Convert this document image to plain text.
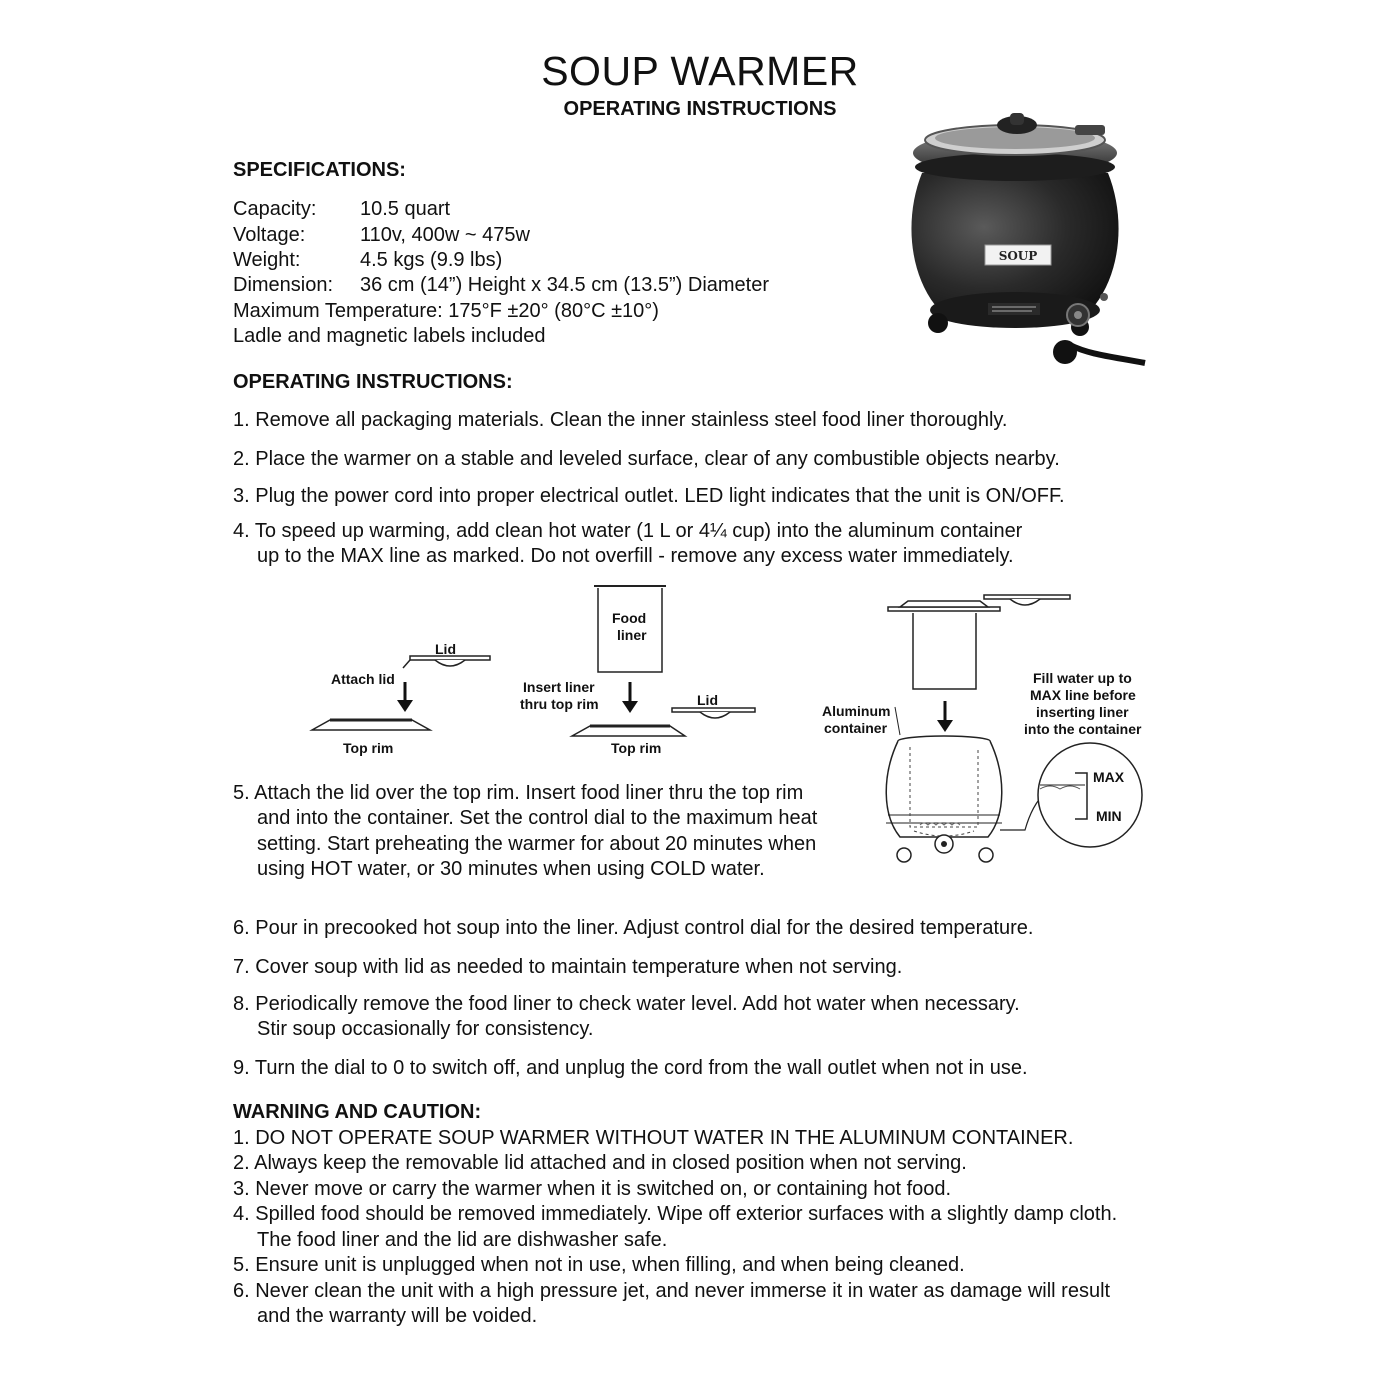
SOUP WARMER
OPERATING INSTRUCTIONS
SPECIFICATIONS:
Capacity: 10.5 quart
Voltage:	110v, 400w ~ 475w
Weight:	4.5 kgs (9.9 lbs)
Dimension: 36 cm (14”) Height x 34.5 cm (13.5”) Diameter
Maximum Temperature: 175°F ±20° (80°C ±10°)
Ladle and magnetic labels included
SOUP
OPERATING INSTRUCTIONS:
1. Remove all packaging materials. Clean the inner stainless steel food liner thoroughly.
2. Place the warmer on a stable and leveled surface, clear of any combustible objects nearby.
3. Plug the power cord into proper electrical outlet. LED light indicates that the unit is ON/OFF.
4. To speed up warming, add clean hot water (1 L or 4¼ cup) into the aluminum container
up to the MAX line as marked. Do not overfill - remove any excess water immediately.
Lid
Attach lid
Top rim
Food
liner
Insert liner
thru top rim	Lid
Top rim
Aluminum
container
Fill water up to
MAX line before
inserting liner
into the container
MAX
MIN
5. Attach the lid over the top rim. Insert food liner thru the top rim
and into the container. Set the control dial to the maximum heat
setting. Start preheating the warmer for about 20 minutes when
using HOT water, or 30 minutes when using COLD water.
6. Pour in precooked hot soup into the liner. Adjust control dial for the desired temperature.
7. Cover soup with lid as needed to maintain temperature when not serving.
8. Periodically remove the food liner to check water level. Add hot water when necessary.
Stir soup occasionally for consistency.
9. Turn the dial to 0 to switch off, and unplug the cord from the wall outlet when not in use.
WARNING AND CAUTION:
1. DO NOT OPERATE SOUP WARMER WITHOUT WATER IN THE ALUMINUM CONTAINER.
2. Always keep the removable lid attached and in closed position when not serving.
3. Never move or carry the warmer when it is switched on, or containing hot food.
4. Spilled food should be removed immediately. Wipe off exterior surfaces with a slightly damp cloth.
The food liner and the lid are dishwasher safe.
5. Ensure unit is unplugged when not in use, when filling, and when being cleaned.
6. Never clean the unit with a high pressure jet, and never immerse it in water as damage will result
and the warranty will be voided.
